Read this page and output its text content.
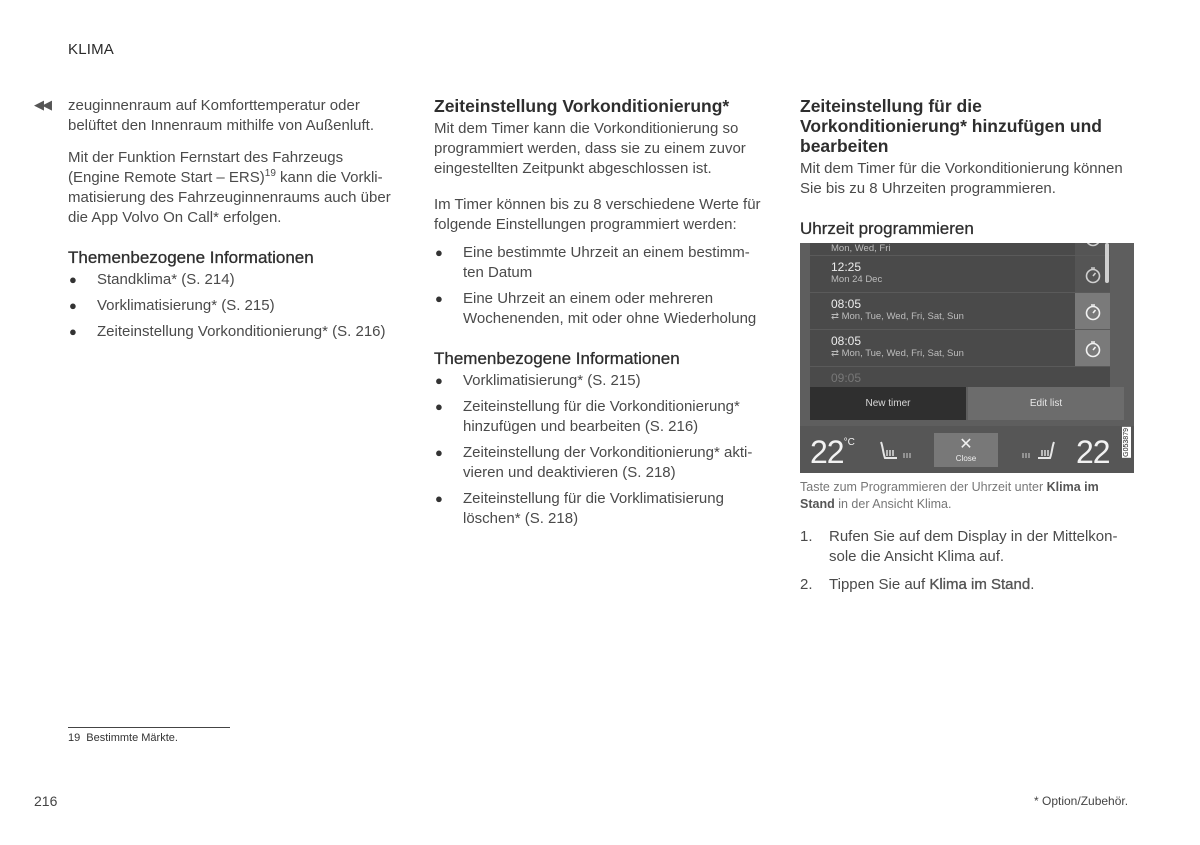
KLIMA
◀◀ zeuginnenraum auf Komforttemperatur oder belüftet den Innenraum mithilfe von Außenluft.

Mit der Funktion Fernstart des Fahrzeugs (Engine Remote Start – ERS)$^{19}$ kann die Vorkli-matisierung des Fahrzeuginnenraums auch über die App Volvo On Call* erfolgen.

Themenbezogene Informationen
● Standklima* (S. 214)
● Vorklimatisierung* (S. 215)
● Zeiteinstellung Vorkonditionierung* (S. 216)
Zeiteinstellung Vorkonditionierung*

Mit dem Timer kann die Vorkonditionierung so programmiert werden, dass sie zu einem zuvor eingestellten Zeitpunkt abgeschlossen ist.

Im Timer können bis zu 8 verschiedene Werte für folgende Einstellungen programmiert werden:

● Eine bestimmte Uhrzeit an einem bestimm-ten Datum
● Eine Uhrzeit an einem oder mehreren Wochenenden, mit oder ohne Wiederholung
Themenbezogene Informationen
● Vorklimatisierung* (S. 215)
● Zeiteinstellung für die Vorkonditionierung* hinzufügen und bearbeiten (S. 216)
● Zeiteinstellung der Vorkonditionierung* akti-vieren und deaktivieren (S. 218)
● Zeiteinstellung für die Vorklimatisierung löschen* (S. 218)
Zeiteinstellung für die Vorkonditionierung* hinzufügen und bearbeiten

Mit dem Timer für die Vorkonditionierung können Sie bis zu 8 Uhrzeiten programmieren.

Uhrzeit programmieren
Mon, Wed, Fri
12:25
Mon 24 Dec
08:05
⇄ Mon, Tue, Wed, Fri, Sat, Sun
08:05
⇄ Mon, Tue, Wed, Fri, Sat, Sun
09:05
New timer	Edit list
$22^{^\circ C}$	✕
Close	22 G053879

Taste zum Programmieren der Uhrzeit unter Klima im Stand in der Ansicht Klima.

1. Rufen Sie auf dem Display in der Mittelkon-sole die Ansicht Klima auf.
2. Tippen Sie auf Klima im Stand.
19 Bestimmte Märkte.
216	* Option/Zubehör.
